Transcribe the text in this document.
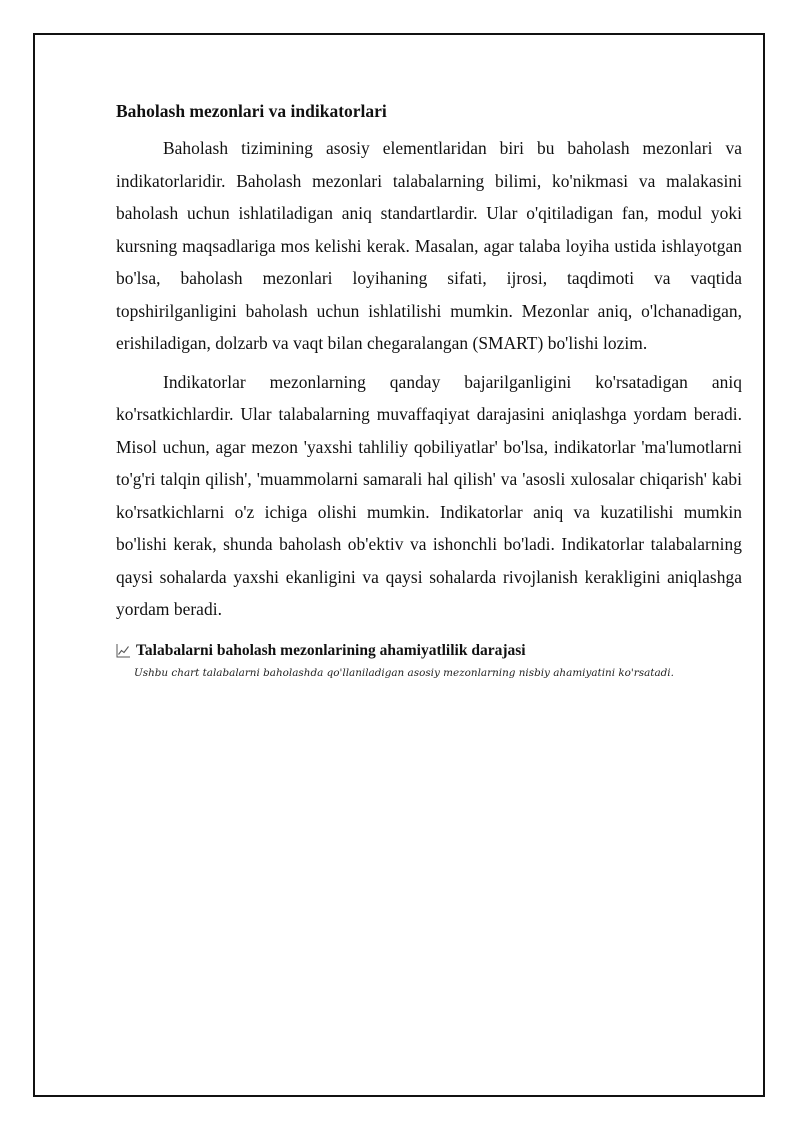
Baholash mezonlari va indikatorlari

Baholash tizimining asosiy elementlaridan biri bu baholash mezonlari va indikatorlaridir. Baholash mezonlari talabalarning bilimi, ko'nikmasi va malakasini baholash uchun ishlatiladigan aniq standartlardir. Ular o'qitiladigan fan, modul yoki kursning maqsadlariga mos kelishi kerak. Masalan, agar talaba loyiha ustida ishlayotgan bo'lsa, baholash mezonlari loyihaning sifati, ijrosi, taqdimoti va vaqtida topshirilganligini baholash uchun ishlatilishi mumkin. Mezonlar aniq, o'lchanadigan, erishiladigan, dolzarb va vaqt bilan chegaralangan (SMART) bo'lishi lozim.

Indikatorlar mezonlarning qanday bajarilganligini ko'rsatadigan aniq ko'rsatkichlardir. Ular talabalarning muvaffaqiyat darajasini aniqlashga yordam beradi. Misol uchun, agar mezon 'yaxshi tahliliy qobiliyatlar' bo'lsa, indikatorlar 'ma'lumotlarni to'g'ri talqin qilish', 'muammolarni samarali hal qilish' va 'asosli xulosalar chiqarish' kabi ko'rsatkichlarni o'z ichiga olishi mumkin. Indikatorlar aniq va kuzatilishi mumkin bo'lishi kerak, shunda baholash ob'ektiv va ishonchli bo'ladi. Indikatorlar talabalarning qaysi sohalarda yaxshi ekanligini va qaysi sohalarda rivojlanish kerakligini aniqlashga yordam beradi.

Talabalarni baholash mezonlarining ahamiyatlilik darajasi
Ushbu chart talabalarni baholashda qo'llaniladigan asosiy mezonlarning nisbiy ahamiyatini ko'rsatadi.
